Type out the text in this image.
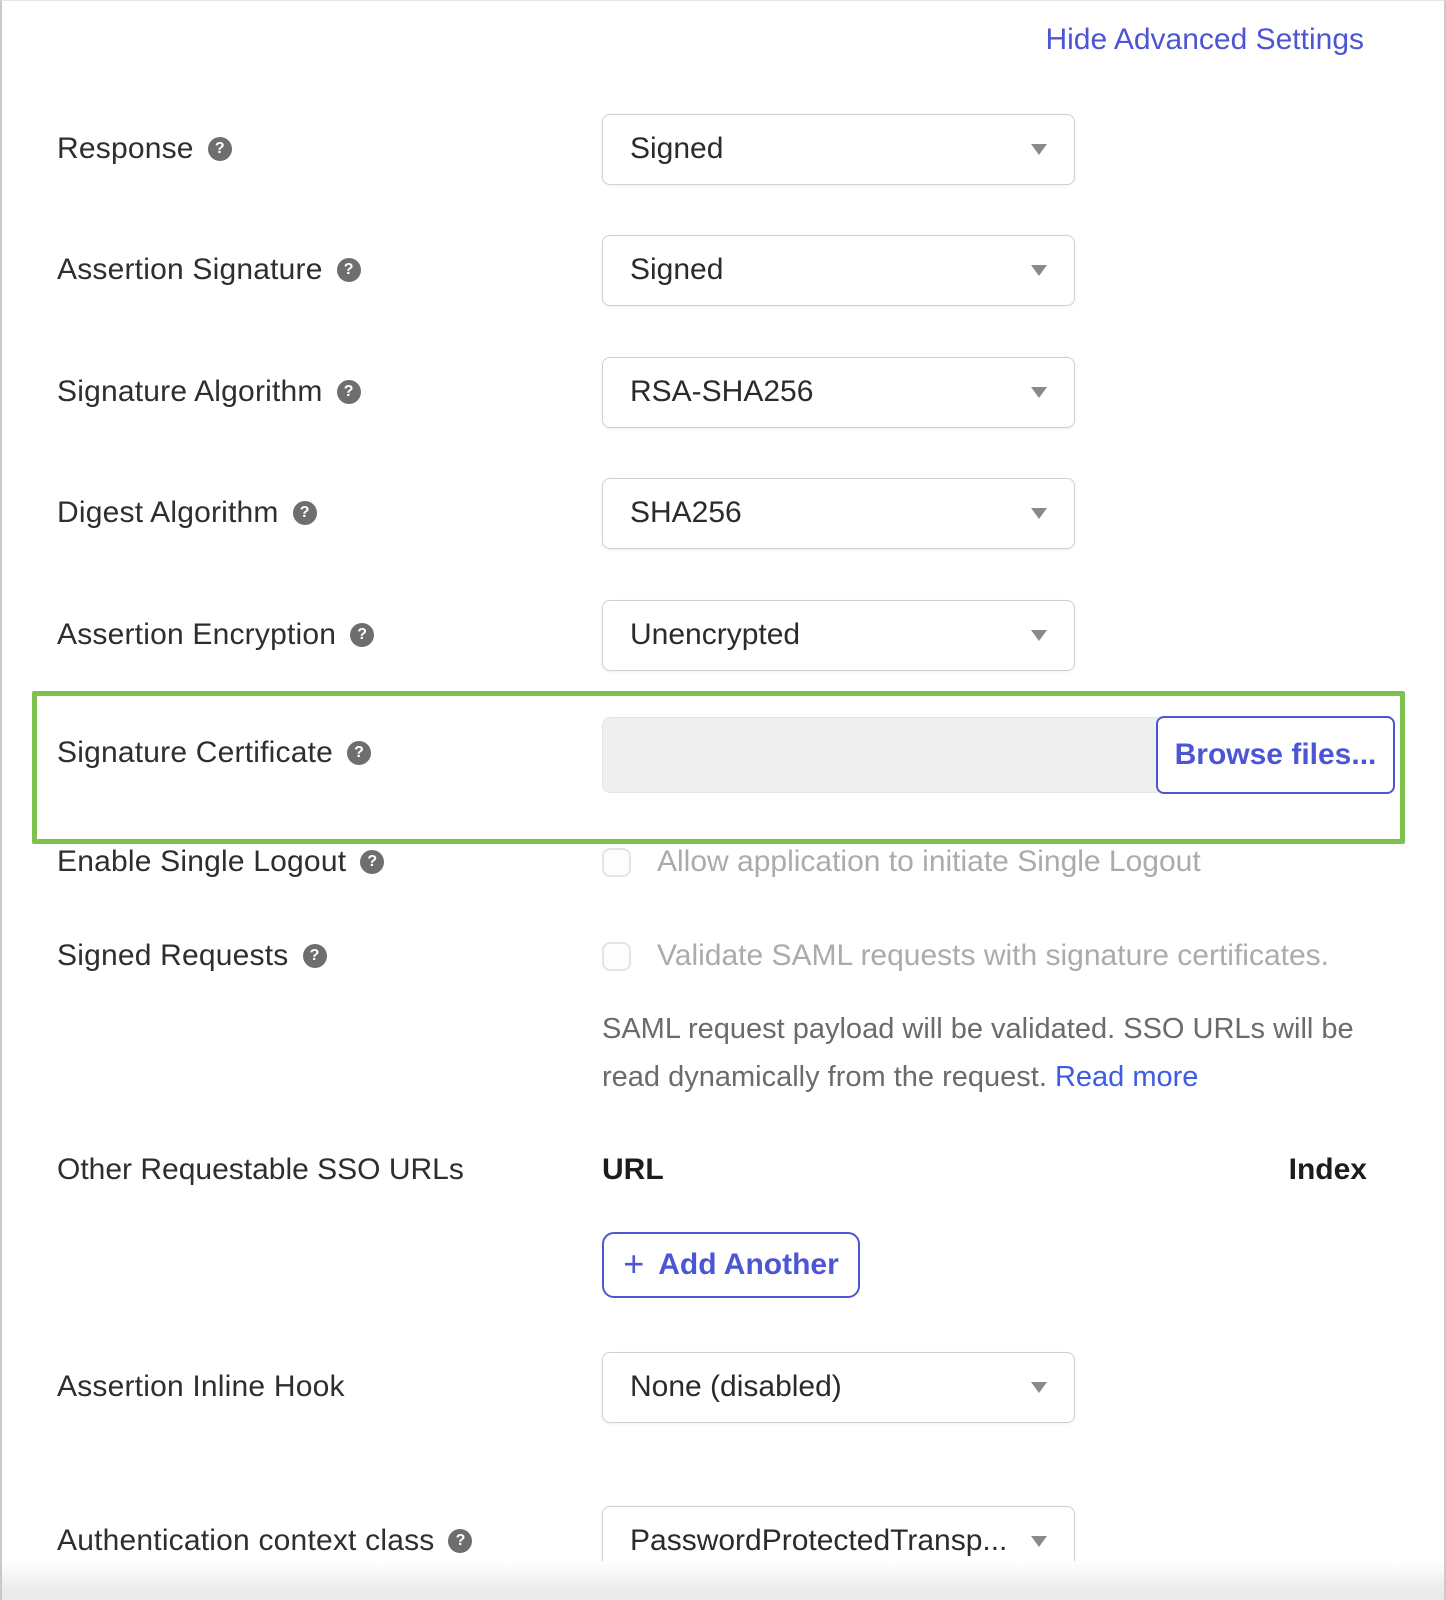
Hide Advanced Settings
Response	?	Signed
Assertion Signature	?	Signed
Signature Algorithm	?	RSA-SHA256
Digest Algorithm	?	SHA256
Assertion Encryption	?	Unencrypted
Signature Certificate	?	Browse files...
Enable Single Logout	?	Allow application to initiate Single Logout
Signed Requests	?	Validate SAML requests with signature certificates.
SAML request payload will be validated. SSO URLs will be
read dynamically from the request. Read more
Other Requestable SSO URLs	URL	Index
+ Add Another
Assertion Inline Hook	None (disabled)
Authentication context class	?	PasswordProtectedTransp...
